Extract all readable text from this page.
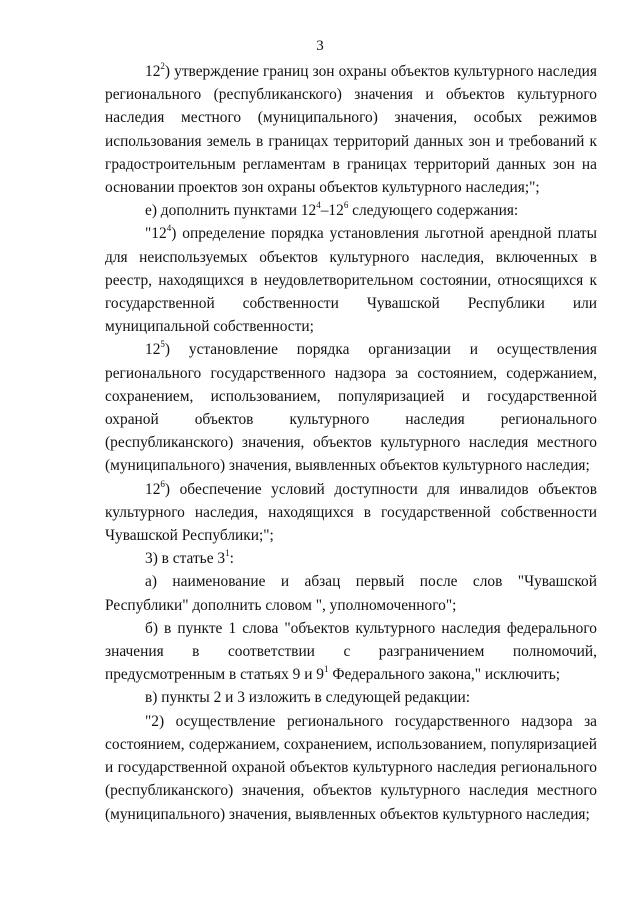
3

$12^2$) утверждение границ зон охраны объектов культурного наследия регионального (республиканского) значения и объектов культурного наследия местного (муниципального) значения, особых режимов использования земель в границах территорий данных зон и требований к градостроительным регламентам в границах территорий данных зон на основании проектов зон охраны объектов культурного наследия;";

е) дополнить пунктами $12^4-12^6$ следующего содержания:

"$12^4$) определение порядка установления льготной арендной платы для неиспользуемых объектов культурного наследия, включенных в реестр, находящихся в неудовлетворительном состоянии, относящихся к государственной собственности Чувашской Республики или муниципальной собственности;

$12^5$) установление порядка организации и осуществления регионального государственного надзора за состоянием, содержанием, сохранением, использованием, популяризацией и государственной охраной объектов культурного наследия регионального (республиканского) значения, объектов культурного наследия местного (муниципального) значения, выявленных объектов культурного наследия;

$12^6$) обеспечение условий доступности для инвалидов объектов культурного наследия, находящихся в государственной собственности Чувашской Республики;";

3) в статье $3^1$:

а) наименование и абзац первый после слов "Чувашской Республики" дополнить словом ", уполномоченного";

б) в пункте 1 слова "объектов культурного наследия федерального значения в соответствии с разграничением полномочий, предусмотренным в статьях 9 и $9^1$ Федерального закона," исключить;

в) пункты 2 и 3 изложить в следующей редакции:

"2) осуществление регионального государственного надзора за состоянием, содержанием, сохранением, использованием, популяризацией и государственной охраной объектов культурного наследия регионального (республиканского) значения, объектов культурного наследия местного (муниципального) значения, выявленных объектов культурного наследия;
